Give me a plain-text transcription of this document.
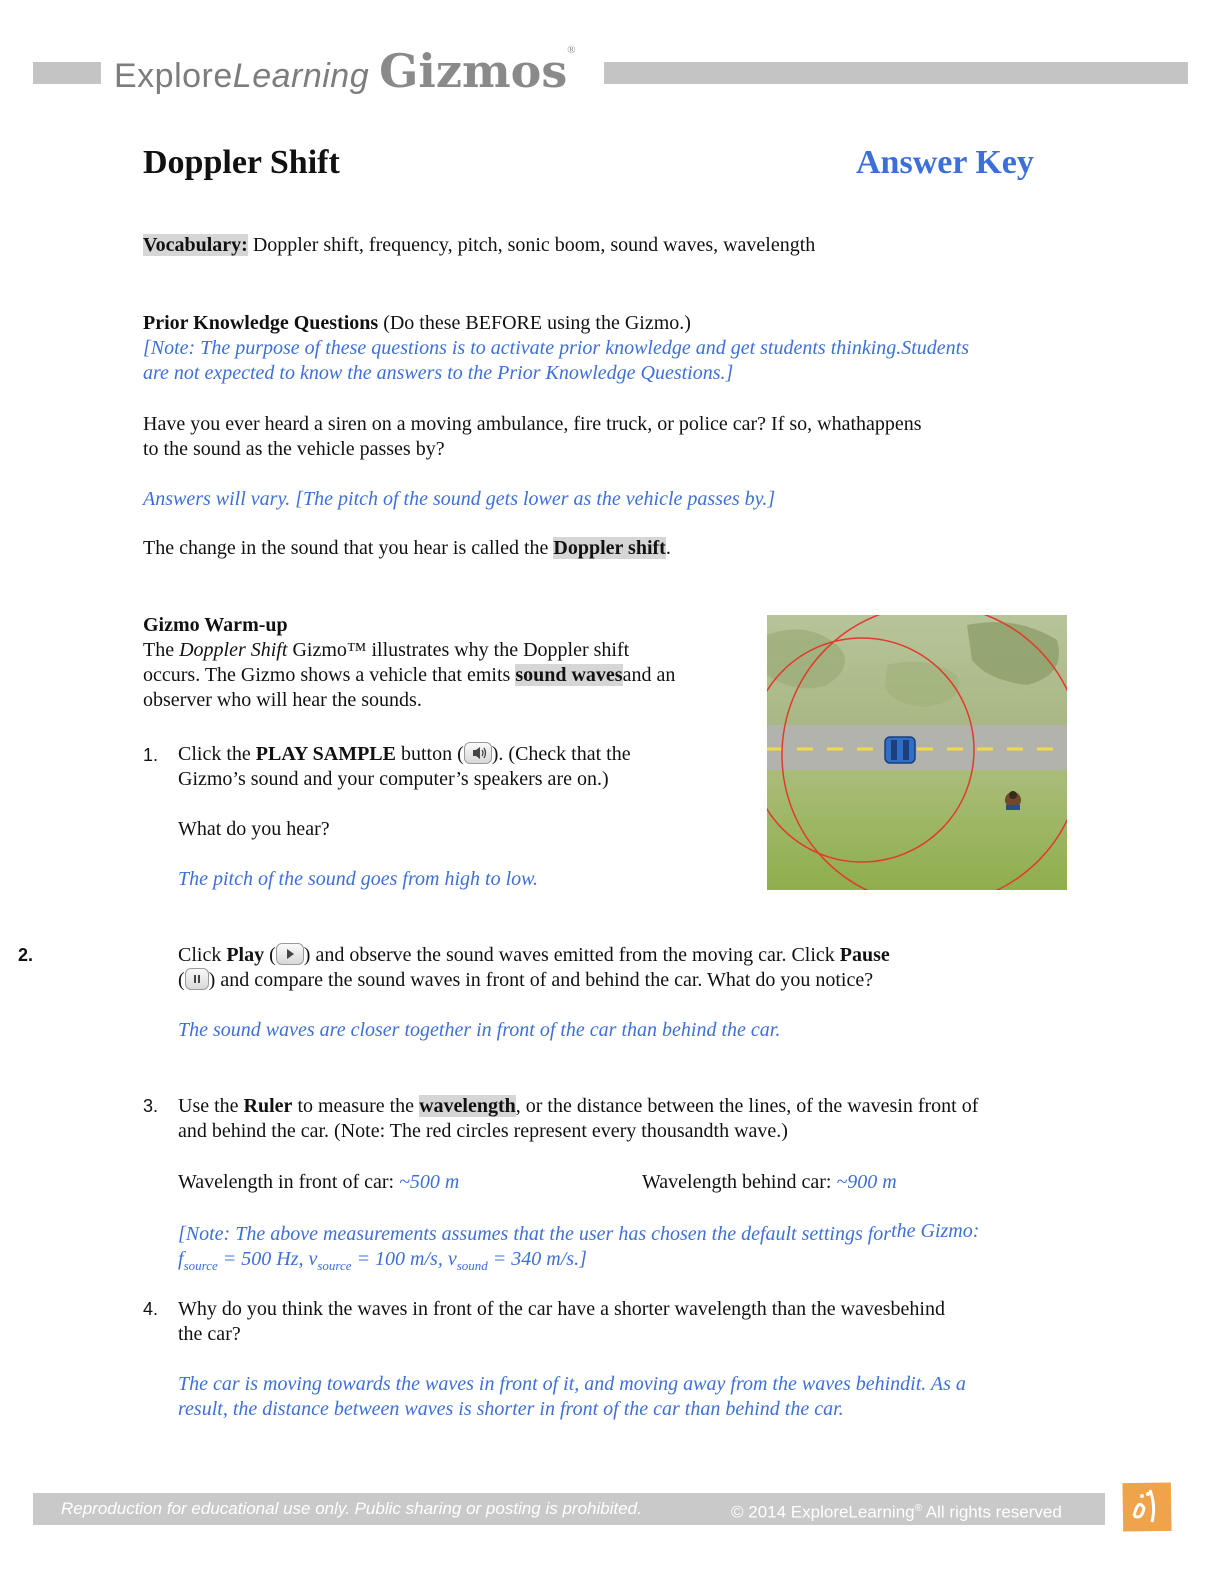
ExploreLearning Gizmos®
Doppler Shift	Answer Key
Vocabulary: Doppler shift, frequency, pitch, sonic boom, sound waves, wavelength
Prior Knowledge Questions (Do these BEFORE using the Gizmo.)
[Note: The purpose of these questions is to activate prior knowledge and get students thinking.Students
are not expected to know the answers to the Prior Knowledge Questions.]
Have you ever heard a siren on a moving ambulance, fire truck, or police car? If so, whathappens
to the sound as the vehicle passes by?
Answers will vary. [The pitch of the sound gets lower as the vehicle passes by.]
The change in the sound that you hear is called the Doppler shift.
Gizmo Warm-up
The Doppler Shift Gizmo™ illustrates why the Doppler shift
occurs. The Gizmo shows a vehicle that emits sound wavesand an
observer who will hear the sounds.
1. Click the PLAY SAMPLE button ( ). (Check that the
Gizmo’s sound and your computer’s speakers are on.)
What do you hear?
The pitch of the sound goes from high to low.
2.	Click Play ( ) and observe the sound waves emitted from the moving car. Click Pause
( ) and compare the sound waves in front of and behind the car. What do you notice?
The sound waves are closer together in front of the car than behind the car.
3. Use the Ruler to measure the wavelength, or the distance between the lines, of the wavesin front of
and behind the car. (Note: The red circles represent every thousandth wave.)
Wavelength in front of car: ~500 m	Wavelength behind car: ~900 m
[Note: The above measurements assumes that the user has chosen the default settings forthe Gizmo:
$f_{source} = 500$ Hz, $v_{source} = 100$ m/s, $v_{sound} = 340$ m/s.]
4. Why do you think the waves in front of the car have a shorter wavelength than the wavesbehind
the car?
The car is moving towards the waves in front of it, and moving away from the waves behindit. As a
result, the distance between waves is shorter in front of the car than behind the car.
Reproduction for educational use only. Public sharing or posting is prohibited.	© 2014 ExploreLearning® All rights reserved
